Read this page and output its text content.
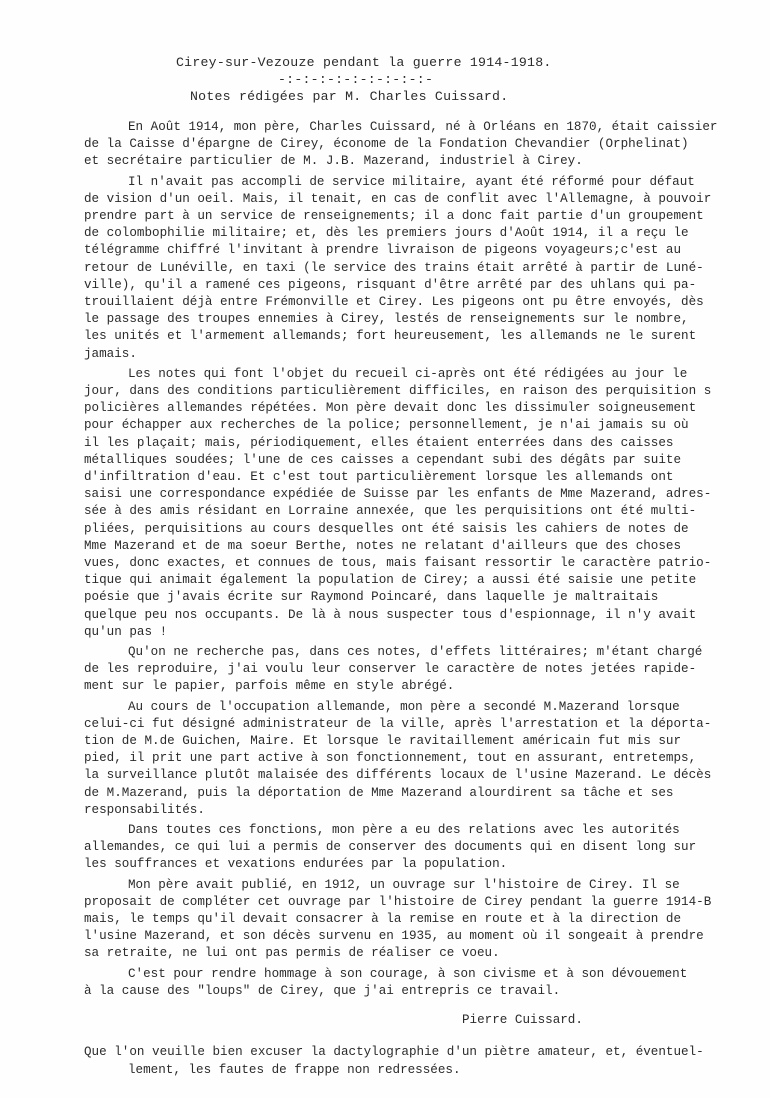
Cirey-sur-Vezouze pendant la guerre 1914-1918.
-:-:-:-:-:-:-:-:-:-
Notes rédigées par M. Charles Cuissard.
En Août 1914, mon père, Charles Cuissard, né à Orléans en 1870, était caissier
de la Caisse d'épargne de Cirey, économe de la Fondation Chevandier (Orphelinat)
et secrétaire particulier de M. J.B. Mazerand, industriel à Cirey.
Il n'avait pas accompli de service militaire, ayant été réformé pour défaut
de vision d'un oeil. Mais, il tenait, en cas de conflit avec l'Allemagne, à pouvoir
prendre part à un service de renseignements; il a donc fait partie d'un groupement
de colombophilie militaire; et, dès les premiers jours d'Août 1914, il a reçu le
télégramme chiffré l'invitant à prendre livraison de pigeons voyageurs;c'est au
retour de Lunéville, en taxi (le service des trains était arrêté à partir de Luné-
ville), qu'il a ramené ces pigeons, risquant d'être arrêté par des uhlans qui pa-
trouillaient déjà entre Frémonville et Cirey. Les pigeons ont pu être envoyés, dès
le passage des troupes ennemies à Cirey, lestés de renseignements sur le nombre,
les unités et l'armement allemands; fort heureusement, les allemands ne le surent
jamais.
Les notes qui font l'objet du recueil ci-après ont été rédigées au jour le
jour, dans des conditions particulièrement difficiles, en raison des perquisition s
policières allemandes répétées. Mon père devait donc les dissimuler soigneusement
pour échapper aux recherches de la police; personnellement, je n'ai jamais su où
il les plaçait; mais, périodiquement, elles étaient enterrées dans des caisses
métalliques soudées; l'une de ces caisses a cependant subi des dégâts par suite
d'infiltration d'eau. Et c'est tout particulièrement lorsque les allemands ont
saisi une correspondance expédiée de Suisse par les enfants de Mme Mazerand, adres-
sée à des amis résidant en Lorraine annexée, que les perquisitions ont été multi-
pliées, perquisitions au cours desquelles ont été saisis les cahiers de notes de
Mme Mazerand et de ma soeur Berthe, notes ne relatant d'ailleurs que des choses
vues, donc exactes, et connues de tous, mais faisant ressortir le caractère patrio-
tique qui animait également la population de Cirey; a aussi été saisie une petite
poésie que j'avais écrite sur Raymond Poincaré, dans laquelle je maltraitais
quelque peu nos occupants. De là à nous suspecter tous d'espionnage, il n'y avait
qu'un pas !
Qu'on ne recherche pas, dans ces notes, d'effets littéraires; m'étant chargé
de les reproduire, j'ai voulu leur conserver le caractère de notes jetées rapide-
ment sur le papier, parfois même en style abrégé.
Au cours de l'occupation allemande, mon père a secondé M.Mazerand lorsque
celui-ci fut désigné administrateur de la ville, après l'arrestation et la déporta-
tion de M.de Guichen, Maire. Et lorsque le ravitaillement américain fut mis sur
pied, il prit une part active à son fonctionnement, tout en assurant, entretemps,
la surveillance plutôt malaisée des différents locaux de l'usine Mazerand. Le décès
de M.Mazerand, puis la déportation de Mme Mazerand alourdirent sa tâche et ses
responsabilités.
Dans toutes ces fonctions, mon père a eu des relations avec les autorités
allemandes, ce qui lui a permis de conserver des documents qui en disent long sur
les souffrances et vexations endurées par la population.
Mon père avait publié, en 1912, un ouvrage sur l'histoire de Cirey. Il se
proposait de compléter cet ouvrage par l'histoire de Cirey pendant la guerre 1914-B
mais, le temps qu'il devait consacrer à la remise en route et à la direction de
l'usine Mazerand, et son décès survenu en 1935, au moment où il songeait à prendre
sa retraite, ne lui ont pas permis de réaliser ce voeu.
C'est pour rendre hommage à son courage, à son civisme et à son dévouement
à la cause des "loups" de Cirey, que j'ai entrepris ce travail.
Pierre Cuissard.
Que l'on veuille bien excuser la dactylographie d'un piètre amateur, et, éventuel-
lement, les fautes de frappe non redressées.
